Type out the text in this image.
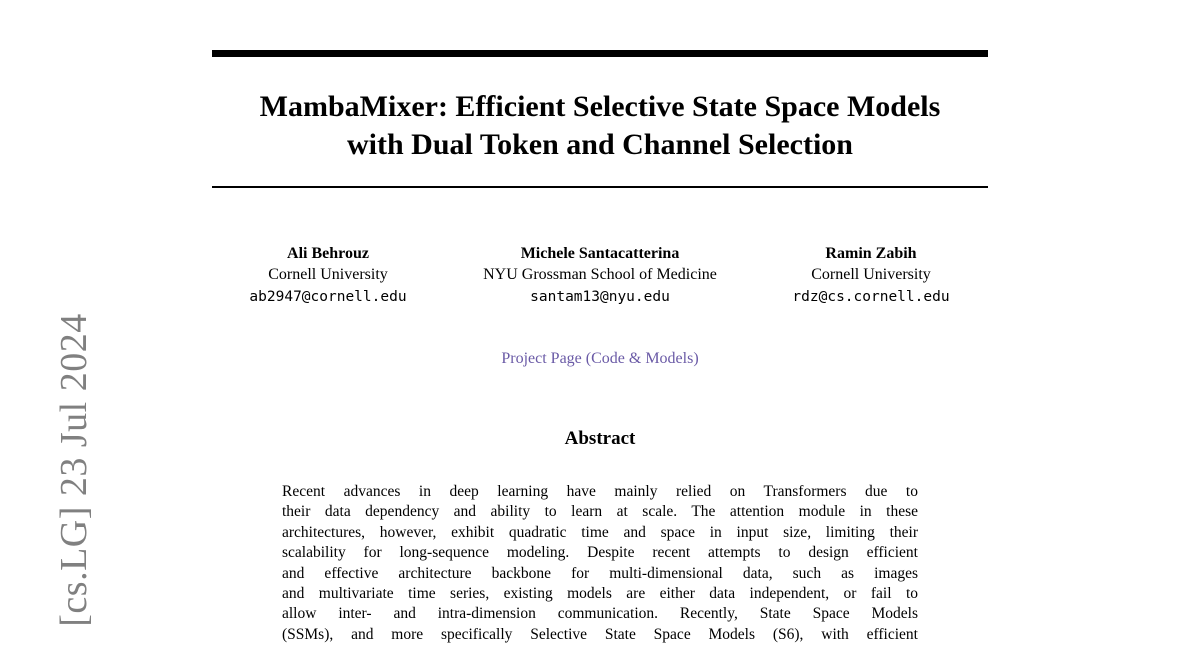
[cs.LG] 23 Jul 2024
MambaMixer: Efficient Selective State Space Models
with Dual Token and Channel Selection
Ali Behrouz
Cornell University
ab2947@cornell.edu
Michele Santacatterina
NYU Grossman School of Medicine
santam13@nyu.edu
Ramin Zabih
Cornell University
rdz@cs.cornell.edu
Project Page (Code & Models)
Abstract
Recent advances in deep learning have mainly relied on Transformers due to
their data dependency and ability to learn at scale. The attention module in these
architectures, however, exhibit quadratic time and space in input size, limiting their
scalability for long-sequence modeling. Despite recent attempts to design efficient
and effective architecture backbone for multi-dimensional data, such as images
and multivariate time series, existing models are either data independent, or fail to
allow inter- and intra-dimension communication. Recently, State Space Models
(SSMs), and more specifically Selective State Space Models (S6), with efficient
